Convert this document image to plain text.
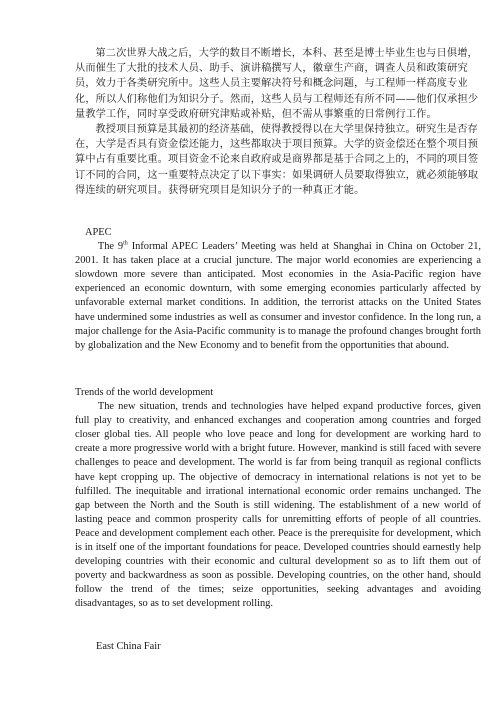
第二次世界大战之后，大学的数目不断增长，本科、甚至是博士毕业生也与日俱增，从而催生了大批的技术人员、助手、演讲稿撰写人，徽章生产商，调查人员和政策研究员，效力于各类研究所中。这些人员主要解决符号和概念问题，与工程师一样高度专业化，所以人们称他们为知识分子。然而，这些人员与工程师还有所不同——他们仅承担少量教学工作，同时享受政府研究津贴或补贴，但不需从事繁重的日常例行工作。

教授项目预算是其最初的经济基础，使得教授得以在大学里保持独立。研究生是否存在，大学是否具有资金偿还能力，这些都取决于项目预算。大学的资金偿还在整个项目预算中占有重要比重。项目资金不论来自政府或是商界都是基于合同之上的，不同的项目签订不同的合同，这一重要特点决定了以下事实：如果调研人员要取得独立，就必须能够取得连续的研究项目。获得研究项目是知识分子的一种真正才能。

APEC

The 9th Informal APEC Leaders’ Meeting was held at Shanghai in China on October 21, 2001. It has taken place at a crucial juncture. The major world economies are experiencing a slowdown more severe than anticipated. Most economies in the Asia-Pacific region have experienced an economic downturn, with some emerging economies particularly affected by unfavorable external market conditions. In addition, the terrorist attacks on the United States have undermined some industries as well as consumer and investor confidence. In the long run, a major challenge for the Asia-Pacific community is to manage the profound changes brought forth by globalization and the New Economy and to benefit from the opportunities that abound.

Trends of the world development

The new situation, trends and technologies have helped expand productive forces, given full play to creativity, and enhanced exchanges and cooperation among countries and forged closer global ties. All people who love peace and long for development are working hard to create a more progressive world with a bright future. However, mankind is still faced with severe challenges to peace and development. The world is far from being tranquil as regional conflicts have kept cropping up. The objective of democracy in international relations is not yet to be fulfilled. The inequitable and irrational international economic order remains unchanged. The gap between the North and the South is still widening. The establishment of a new world of lasting peace and common prosperity calls for unremitting efforts of people of all countries. Peace and development complement each other. Peace is the prerequisite for development, which is in itself one of the important foundations for peace. Developed countries should earnestly help developing countries with their economic and cultural development so as to lift them out of poverty and backwardness as soon as possible. Developing countries, on the other hand, should follow the trend of the times; seize opportunities, seeking advantages and avoiding disadvantages, so as to set development rolling.

East China Fair
